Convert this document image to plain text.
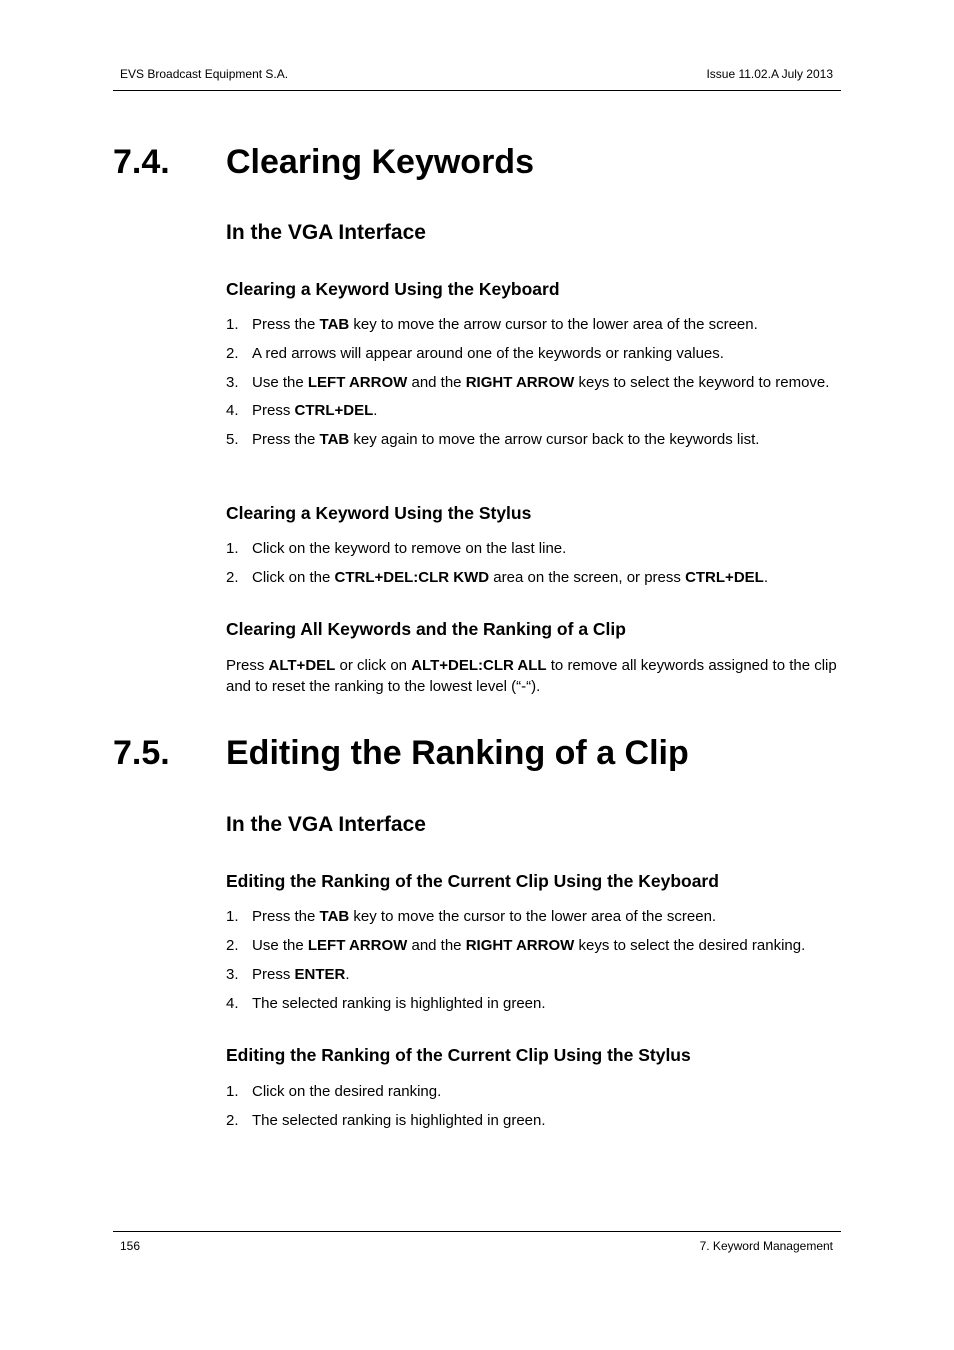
EVS Broadcast Equipment S.A.	Issue 11.02.A July 2013
7.4. Clearing Keywords
In the VGA Interface
Clearing a Keyword Using the Keyboard
1. Press the TAB key to move the arrow cursor to the lower area of the screen.
2. A red arrows will appear around one of the keywords or ranking values.
3. Use the LEFT ARROW and the RIGHT ARROW keys to select the keyword to remove.
4. Press CTRL+DEL.
5. Press the TAB key again to move the arrow cursor back to the keywords list.
Clearing a Keyword Using the Stylus
1. Click on the keyword to remove on the last line.
2. Click on the CTRL+DEL:CLR KWD area on the screen, or press CTRL+DEL.
Clearing All Keywords and the Ranking of a Clip

Press ALT+DEL or click on ALT+DEL:CLR ALL to remove all keywords assigned to the clip and to reset the ranking to the lowest level (“-“).

7.5. Editing the Ranking of a Clip
In the VGA Interface
Editing the Ranking of the Current Clip Using the Keyboard
1. Press the TAB key to move the cursor to the lower area of the screen.
2. Use the LEFT ARROW and the RIGHT ARROW keys to select the desired ranking.
3. Press ENTER.
4. The selected ranking is highlighted in green.
Editing the Ranking of the Current Clip Using the Stylus
1. Click on the desired ranking.
2. The selected ranking is highlighted in green.
156	7. Keyword Management
